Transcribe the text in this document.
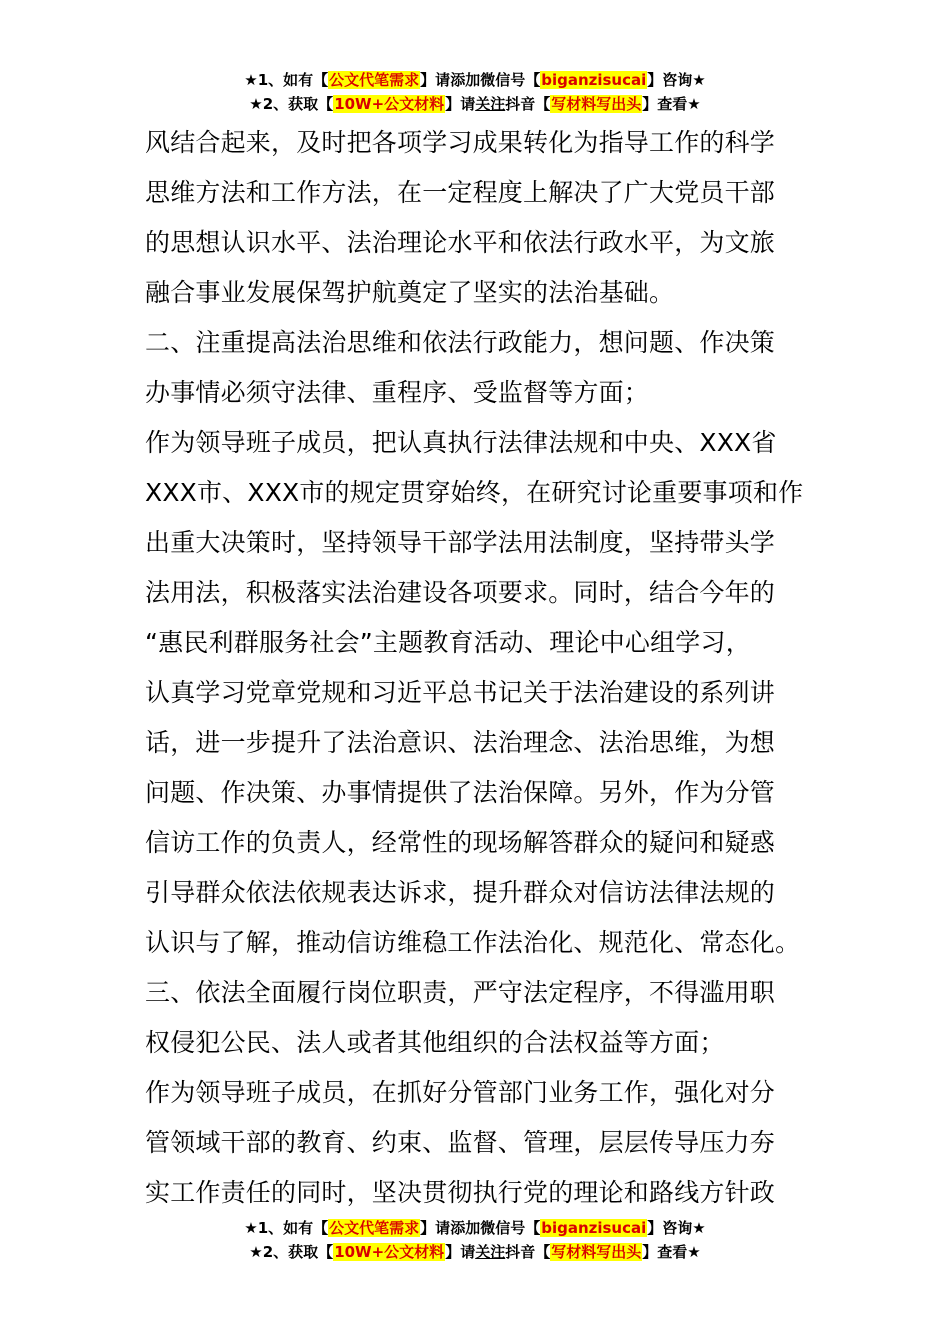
★1、如有【公文代笔需求】请添加微信号【biganzisucai】咨询★
★2、获取【10W+公文材料】请关注抖音【写材料写出头】查看★
风结合起来，及时把各项学习成果转化为指导工作的科学
思维方法和工作方法，在一定程度上解决了广大党员干部
的思想认识水平、法治理论水平和依法行政水平，为文旅
融合事业发展保驾护航奠定了坚实的法治基础。
二、注重提高法治思维和依法行政能力，想问题、作决策
办事情必须守法律、重程序、受监督等方面；
作为领导班子成员，把认真执行法律法规和中央、XXX省
XXX市、XXX市的规定贯穿始终，在研究讨论重要事项和作
出重大决策时，坚持领导干部学法用法制度，坚持带头学
法用法，积极落实法治建设各项要求。同时，结合今年的
“惠民利群服务社会”主题教育活动、理论中心组学习，
认真学习党章党规和习近平总书记关于法治建设的系列讲
话，进一步提升了法治意识、法治理念、法治思维，为想
问题、作决策、办事情提供了法治保障。另外，作为分管
信访工作的负责人，经常性的现场解答群众的疑问和疑惑
引导群众依法依规表达诉求，提升群众对信访法律法规的
认识与了解，推动信访维稳工作法治化、规范化、常态化。
三、依法全面履行岗位职责，严守法定程序，不得滥用职
权侵犯公民、法人或者其他组织的合法权益等方面；
作为领导班子成员，在抓好分管部门业务工作，强化对分
管领域干部的教育、约束、监督、管理，层层传导压力夯
实工作责任的同时，坚决贯彻执行党的理论和路线方针政
★1、如有【公文代笔需求】请添加微信号【biganzisucai】咨询★
★2、获取【10W+公文材料】请关注抖音【写材料写出头】查看★
